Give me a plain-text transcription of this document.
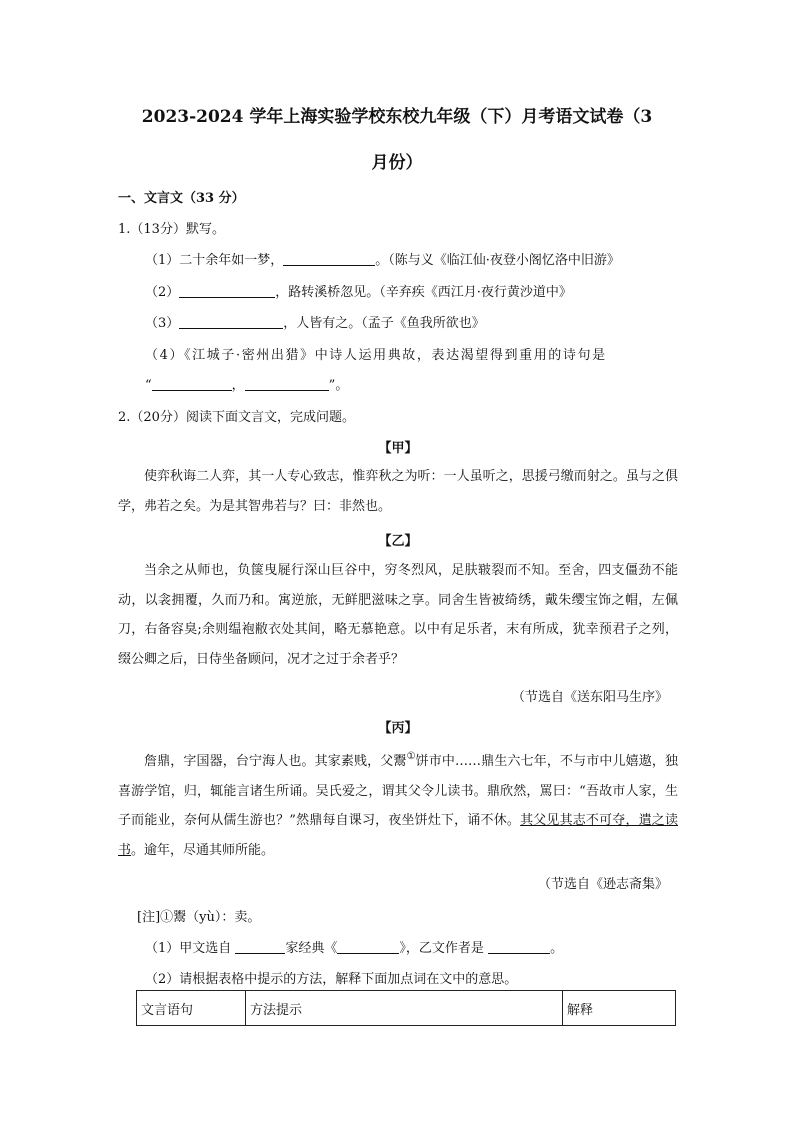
2023-2024 学年上海实验学校东校九年级（下）月考语文试卷（3
月份）
一、文言文（33 分）
1.（13分）默写。
（1）二十余年如一梦，	。（陈与义《临江仙·夜登小阁忆洛中旧游》
（2）	，路转溪桥忽见。（辛弃疾《西江月·夜行黄沙道中》
（3）	，人皆有之。（孟子《鱼我所欲也》
（4）《江城子·密州出猎》中诗人运用典故，表达渴望得到重用的诗句是
“	，	”。
2.（20分）阅读下面文言文，完成问题。
【甲】
使弈秋诲二人弈，其一人专心致志，惟弈秋之为听：一人虽听之，思援弓缴而射之。虽与之俱学，弗若之矣。为是其智弗若与？曰：非然也。
【乙】
当余之从师也，负箧曳屣行深山巨谷中，穷冬烈风，足肤皲裂而不知。至舍，四支僵劲不能动，以衾拥覆，久而乃和。寓逆旅，无鲜肥滋味之享。同舍生皆被绮绣，戴朱缨宝饰之帽，左佩刀，右备容臭;余则缊袍敝衣处其间，略无慕艳意。以中有足乐者，末有所成，犹幸预君子之列，缀公卿之后，日侍坐备顾问，况才之过于余者乎？
（节选自《送东阳马生序》
【丙】
詹鼎，字国器，台宁海人也。其家素贱，父鬻①饼市中……鼎生六七年，不与市中儿嬉遨，独喜游学馆，归，辄能言诸生所诵。吴氏爱之，谓其父令儿读书。鼎欣然，罵曰：“吾故市人家，生子而能业，奈何从儒生游也？”然鼎每自课习，夜坐饼灶下，诵不休。其父见其志不可夺，遣之读书。逾年，尽通其师所能。
（节选自《逊志斋集》
[注]①鬻（yù）：卖。
（1）甲文选自	家经典《	》，乙文作者是	。
（2）请根据表格中提示的方法，解释下面加点词在文中的意思。
文言语句	方法提示	解释
